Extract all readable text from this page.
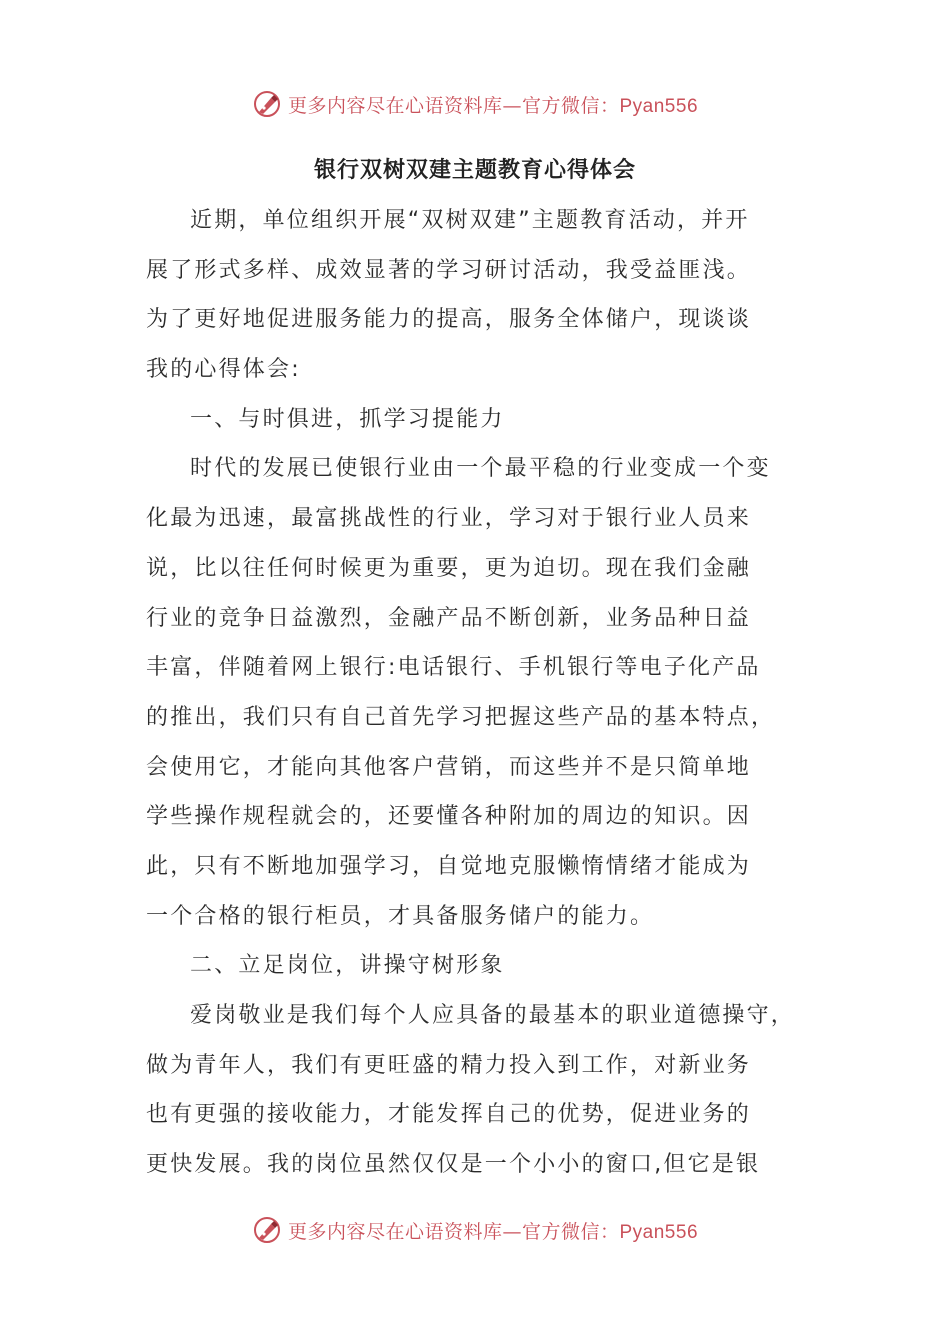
更多内容尽在心语资料库—官方微信：Pyan556
银行双树双建主题教育心得体会
近期，单位组织开展“双树双建”主题教育活动，并开
展了形式多样、成效显著的学习研讨活动，我受益匪浅。
为了更好地促进服务能力的提高，服务全体储户，现谈谈
我的心得体会:
一、与时俱进，抓学习提能力
时代的发展已使银行业由一个最平稳的行业变成一个变
化最为迅速，最富挑战性的行业，学习对于银行业人员来
说，比以往任何时候更为重要，更为迫切。现在我们金融
行业的竞争日益激烈，金融产品不断创新，业务品种日益
丰富，伴随着网上银行:电话银行、手机银行等电子化产品
的推出，我们只有自己首先学习把握这些产品的基本特点，
会使用它，才能向其他客户营销，而这些并不是只简单地
学些操作规程就会的，还要懂各种附加的周边的知识。因
此，只有不断地加强学习，自觉地克服懒惰情绪才能成为
一个合格的银行柜员，才具备服务储户的能力。
二、立足岗位，讲操守树形象
爱岗敬业是我们每个人应具备的最基本的职业道德操守，
做为青年人，我们有更旺盛的精力投入到工作，对新业务
也有更强的接收能力，才能发挥自己的优势，促进业务的
更快发展。我的岗位虽然仅仅是一个小小的窗口,但它是银
更多内容尽在心语资料库—官方微信：Pyan556
